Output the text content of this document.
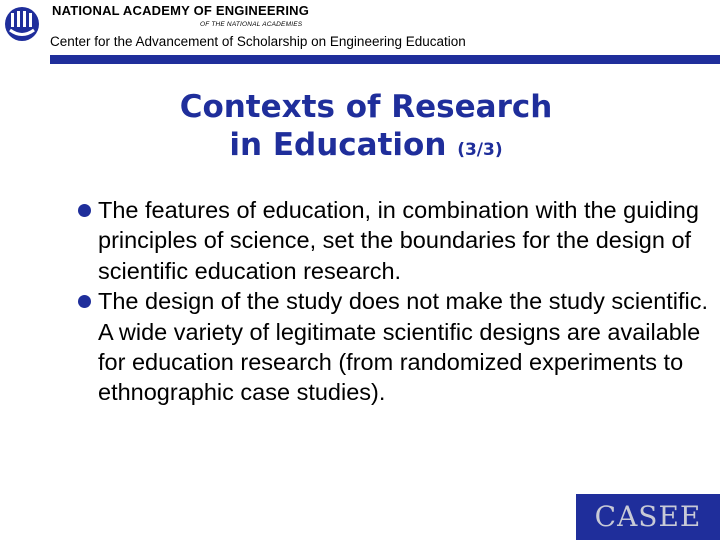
NATIONAL ACADEMY OF ENGINEERING
OF THE NATIONAL ACADEMIES
Center for the Advancement of Scholarship on Engineering Education
Contexts of Research
in Education (3/3)
The features of education, in combination with the guiding principles of science, set the boundaries for the design of scientific education research.
The design of the study does not make the study scientific. A wide variety of legitimate scientific designs are available for education research (from randomized experiments to ethnographic case studies).
CASEE
